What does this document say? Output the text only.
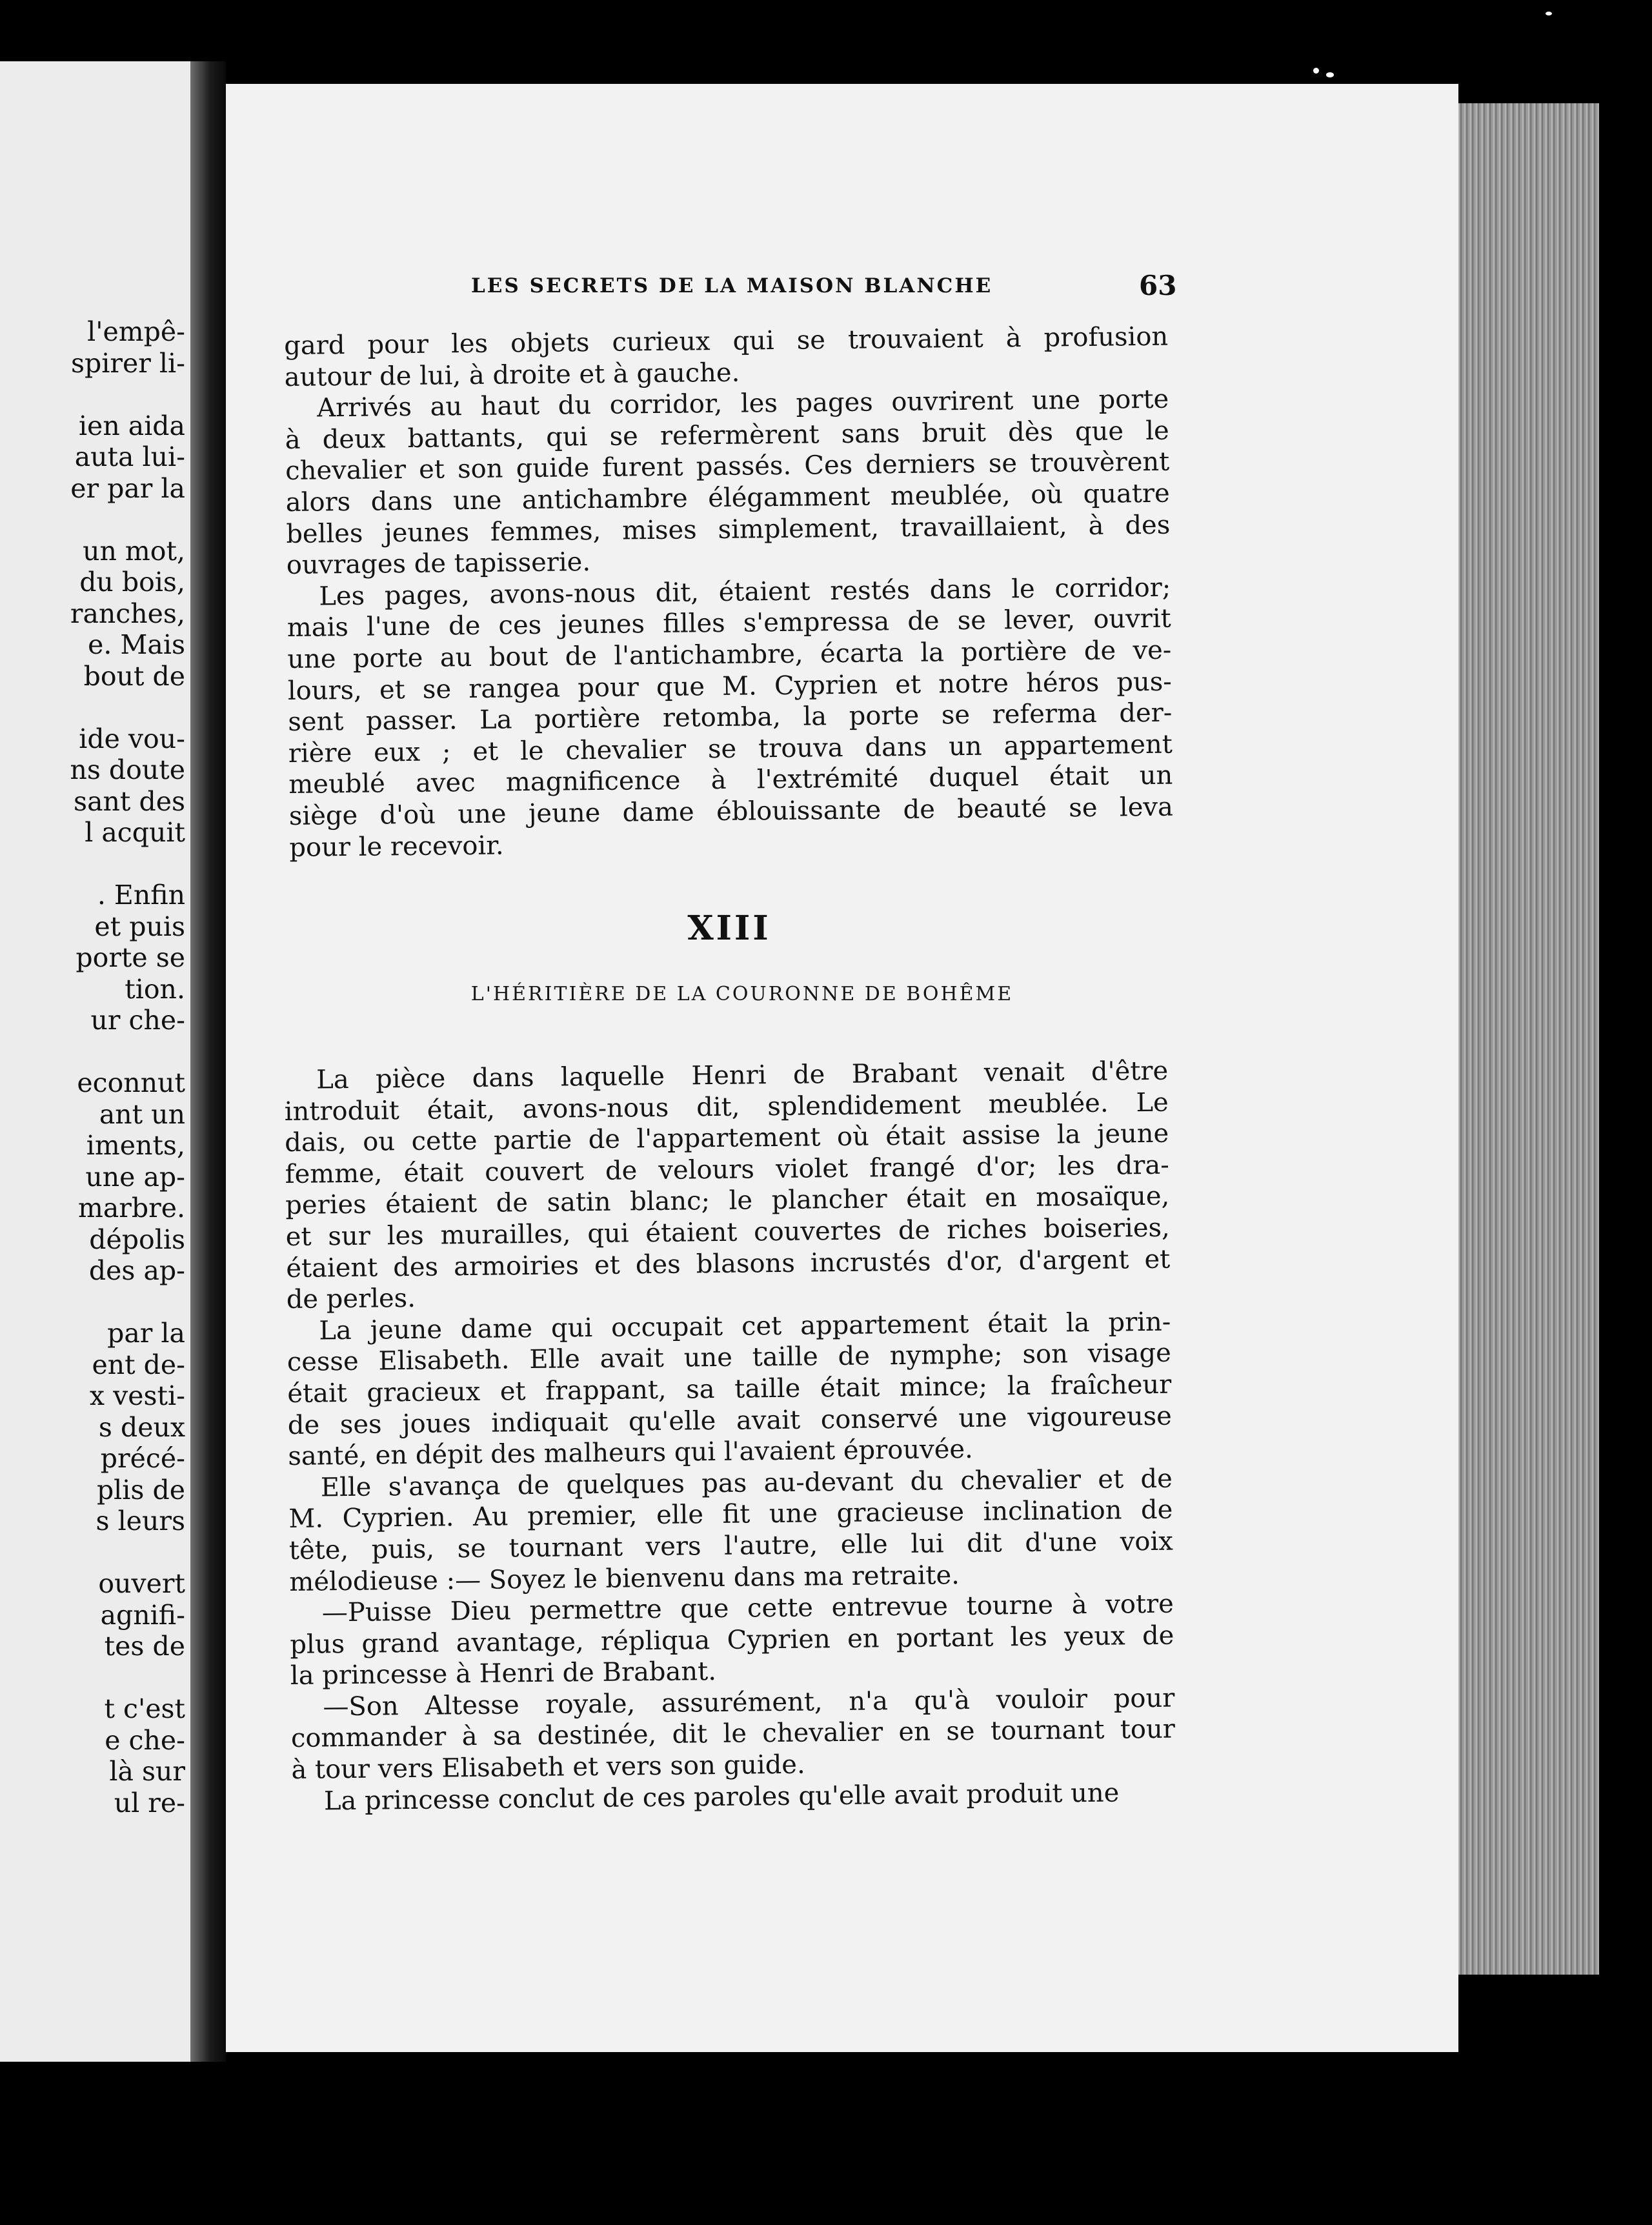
l'empê-
spirer li-
ien aida
auta lui-
er par la
un mot,
du bois,
ranches,
e. Mais
bout de
ide vou-
ns doute
sant des
l acquit
. Enfin
et puis
porte se
tion.
ur che-
econnut
ant un
iments,
une ap-
marbre.
dépolis
des ap-
par la
ent de-
x vesti-
s deux
précé-
plis de
s leurs
ouvert
agnifi-
tes de
t c'est
e che-
là sur
ul re-
LES SECRETS DE LA MAISON BLANCHE	63
gard pour les objets curieux qui se trouvaient à profusion
autour de lui, à droite et à gauche.
Arrivés au haut du corridor, les pages ouvrirent une porte
à deux battants, qui se refermèrent sans bruit dès que le
chevalier et son guide furent passés. Ces derniers se trouvèrent
alors dans une antichambre élégamment meublée, où quatre
belles jeunes femmes, mises simplement, travaillaient, à des
ouvrages de tapisserie.
Les pages, avons-nous dit, étaient restés dans le corridor;
mais l'une de ces jeunes filles s'empressa de se lever, ouvrit
une porte au bout de l'antichambre, écarta la portière de ve-
lours, et se rangea pour que M. Cyprien et notre héros pus-
sent passer. La portière retomba, la porte se referma der-
rière eux ; et le chevalier se trouva dans un appartement
meublé avec magnificence à l'extrémité duquel était un
siège d'où une jeune dame éblouissante de beauté se leva
pour le recevoir.
XIII
L'HÉRITIÈRE DE LA COURONNE DE BOHÊME
La pièce dans laquelle Henri de Brabant venait d'être
introduit était, avons-nous dit, splendidement meublée. Le
dais, ou cette partie de l'appartement où était assise la jeune
femme, était couvert de velours violet frangé d'or; les dra-
peries étaient de satin blanc; le plancher était en mosaïque,
et sur les murailles, qui étaient couvertes de riches boiseries,
étaient des armoiries et des blasons incrustés d'or, d'argent et
de perles.
La jeune dame qui occupait cet appartement était la prin-
cesse Elisabeth. Elle avait une taille de nymphe; son visage
était gracieux et frappant, sa taille était mince; la fraîcheur
de ses joues indiquait qu'elle avait conservé une vigoureuse
santé, en dépit des malheurs qui l'avaient éprouvée.
Elle s'avança de quelques pas au-devant du chevalier et de
M. Cyprien. Au premier, elle fit une gracieuse inclination de
tête, puis, se tournant vers l'autre, elle lui dit d'une voix
mélodieuse :— Soyez le bienvenu dans ma retraite.
—Puisse Dieu permettre que cette entrevue tourne à votre
plus grand avantage, répliqua Cyprien en portant les yeux de
la princesse à Henri de Brabant.
—Son Altesse royale, assurément, n'a qu'à vouloir pour
commander à sa destinée, dit le chevalier en se tournant tour
à tour vers Elisabeth et vers son guide.
La princesse conclut de ces paroles qu'elle avait produit une
